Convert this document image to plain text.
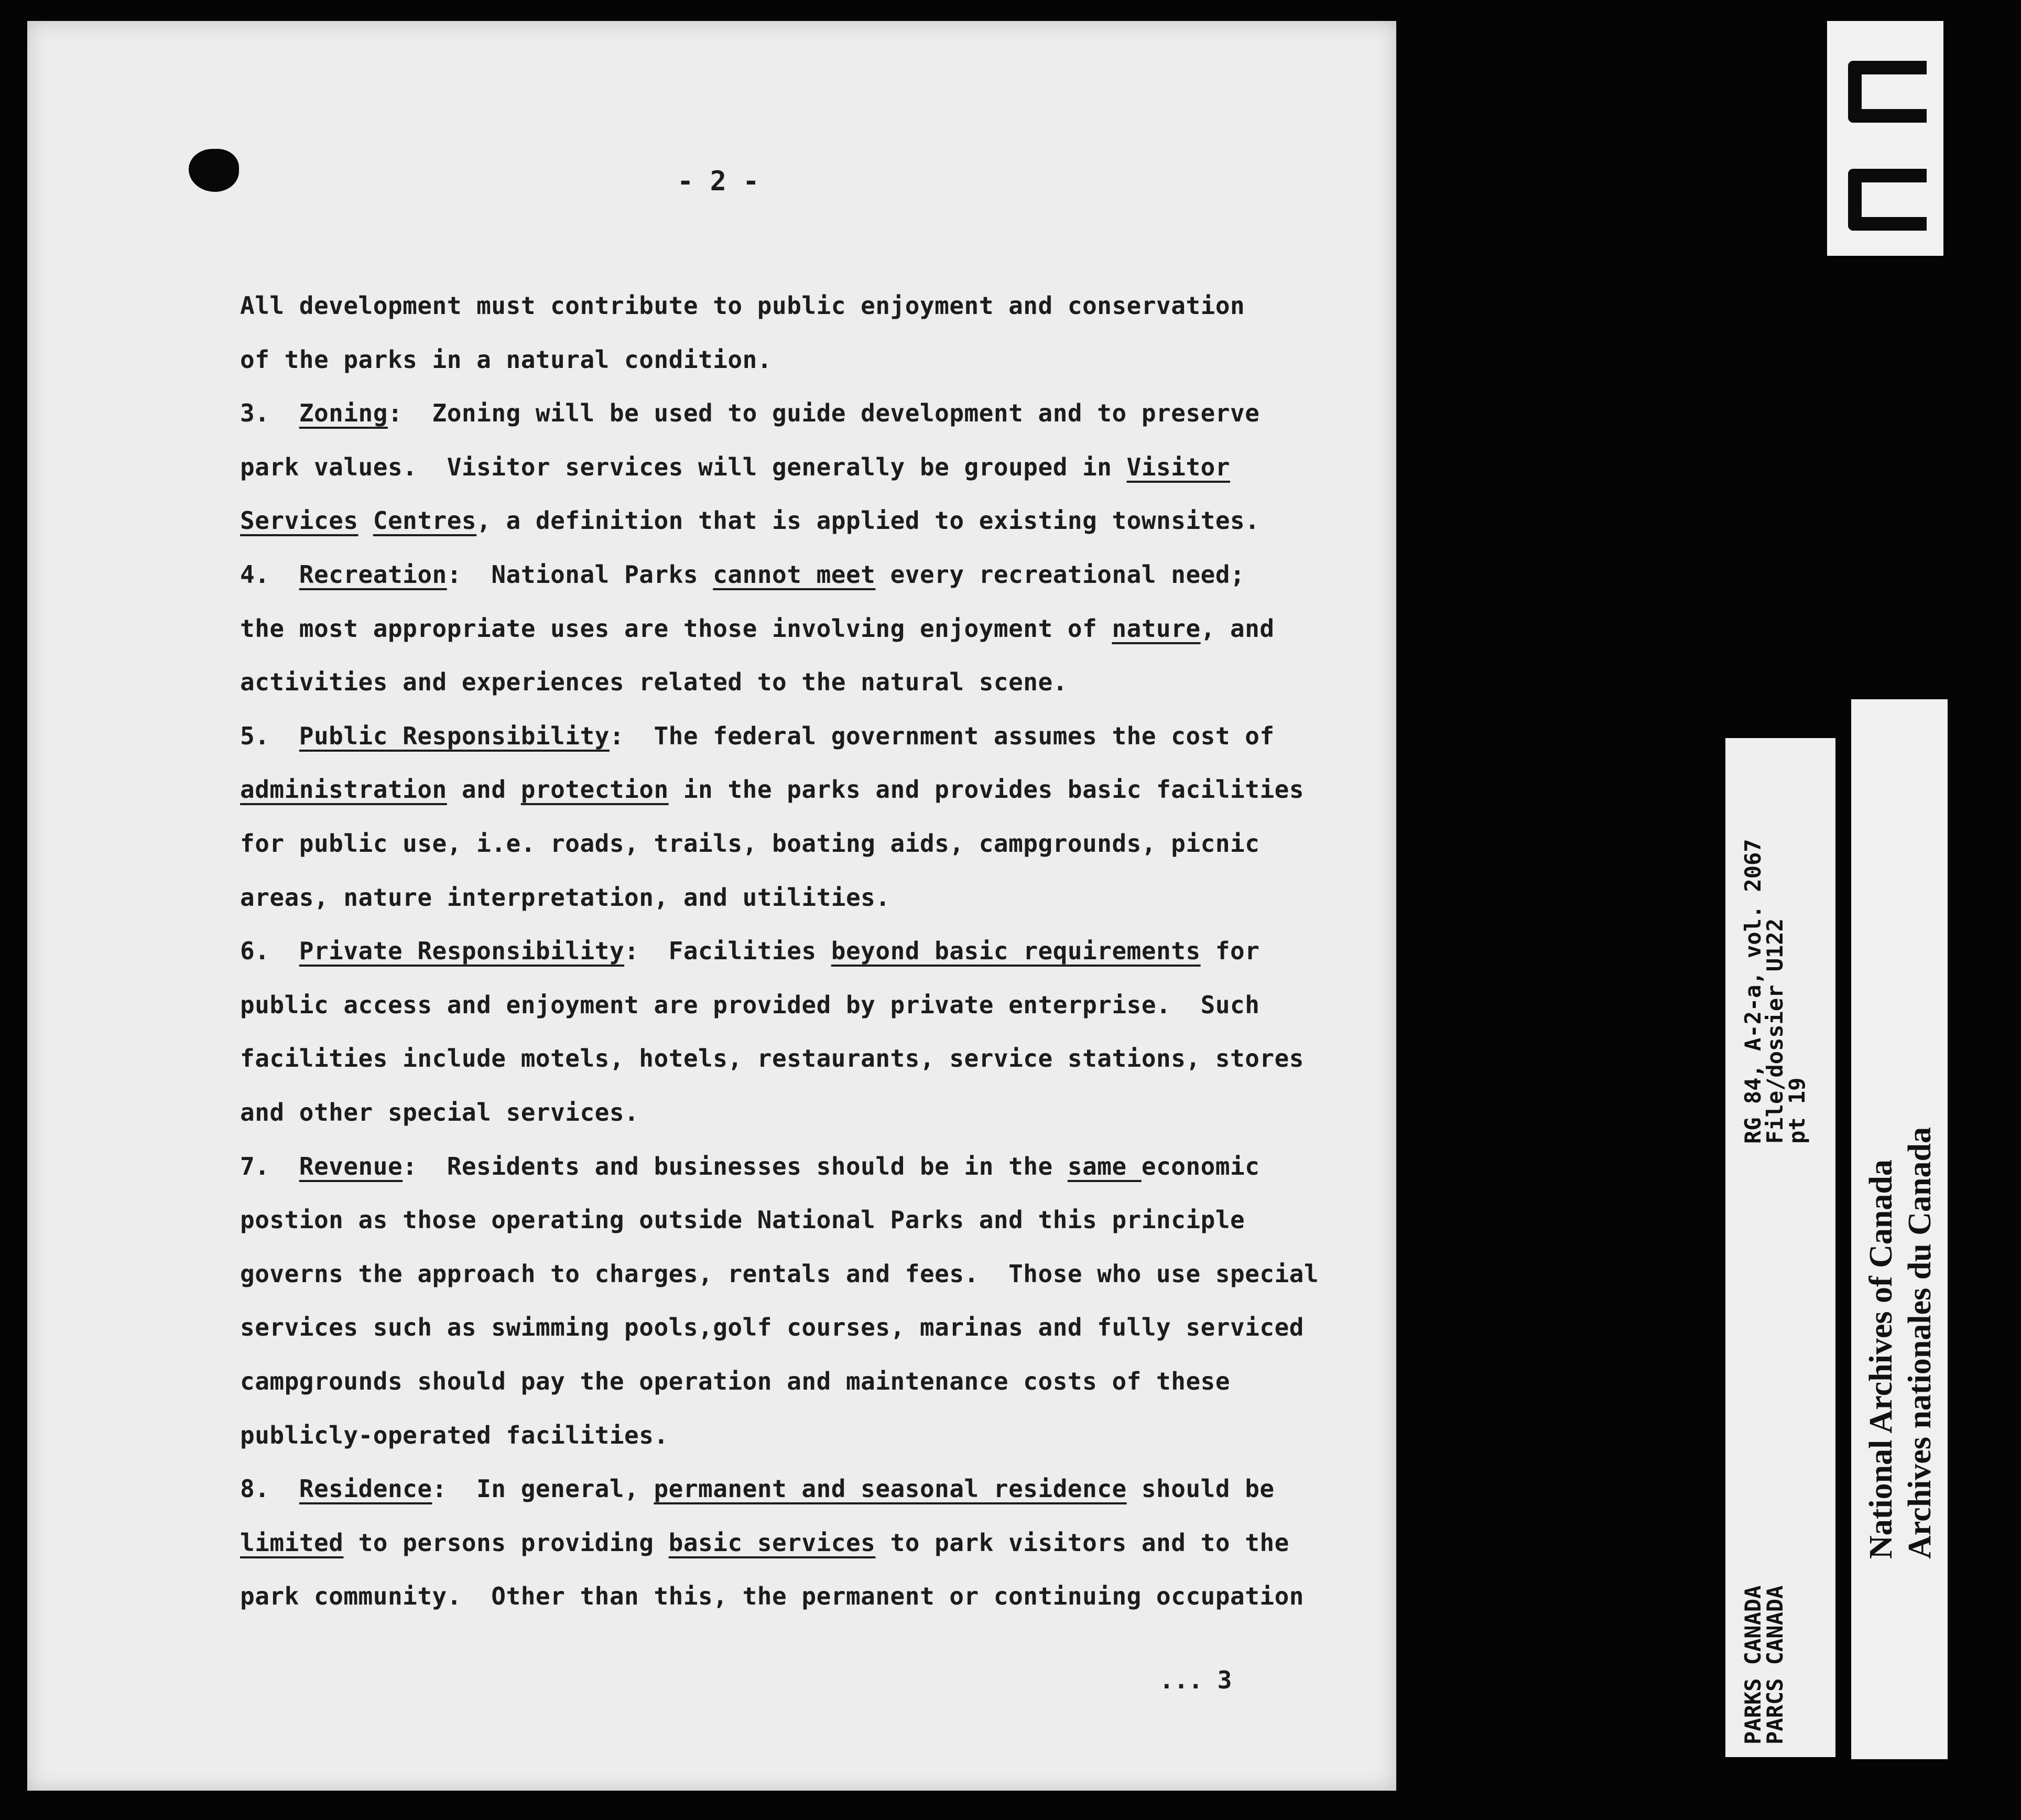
- 2 -

All development must contribute to public enjoyment and conservation

of the parks in a natural condition.

3.  Zoning:  Zoning will be used to guide development and to preserve

park values.  Visitor services will generally be grouped in Visitor

Services Centres, a definition that is applied to existing townsites.

4.  Recreation:  National Parks cannot meet every recreational need;

the most appropriate uses are those involving enjoyment of nature, and

activities and experiences related to the natural scene.

5.  Public Responsibility:  The federal government assumes the cost of

administration and protection in the parks and provides basic facilities

for public use, i.e. roads, trails, boating aids, campgrounds, picnic

areas, nature interpretation, and utilities.

6.  Private Responsibility:  Facilities beyond basic requirements for

public access and enjoyment are provided by private enterprise.  Such

facilities include motels, hotels, restaurants, service stations, stores

and other special services.

7.  Revenue:  Residents and businesses should be in the same economic

postion as those operating outside National Parks and this principle

governs the approach to charges, rentals and fees.  Those who use special

services such as swimming pools,golf courses, marinas and fully serviced

campgrounds should pay the operation and maintenance costs of these

publicly-operated facilities.

8.  Residence:  In general, permanent and seasonal residence should be

limited to persons providing basic services to park visitors and to the

park community.  Other than this, the permanent or continuing occupation

... 3	PARKS CANADA
PARCS CANADA
RG 84, A-2-a, vol. 2067
File/dossier U122
pt 19
National Archives of Canada Archives nationales du Canada
